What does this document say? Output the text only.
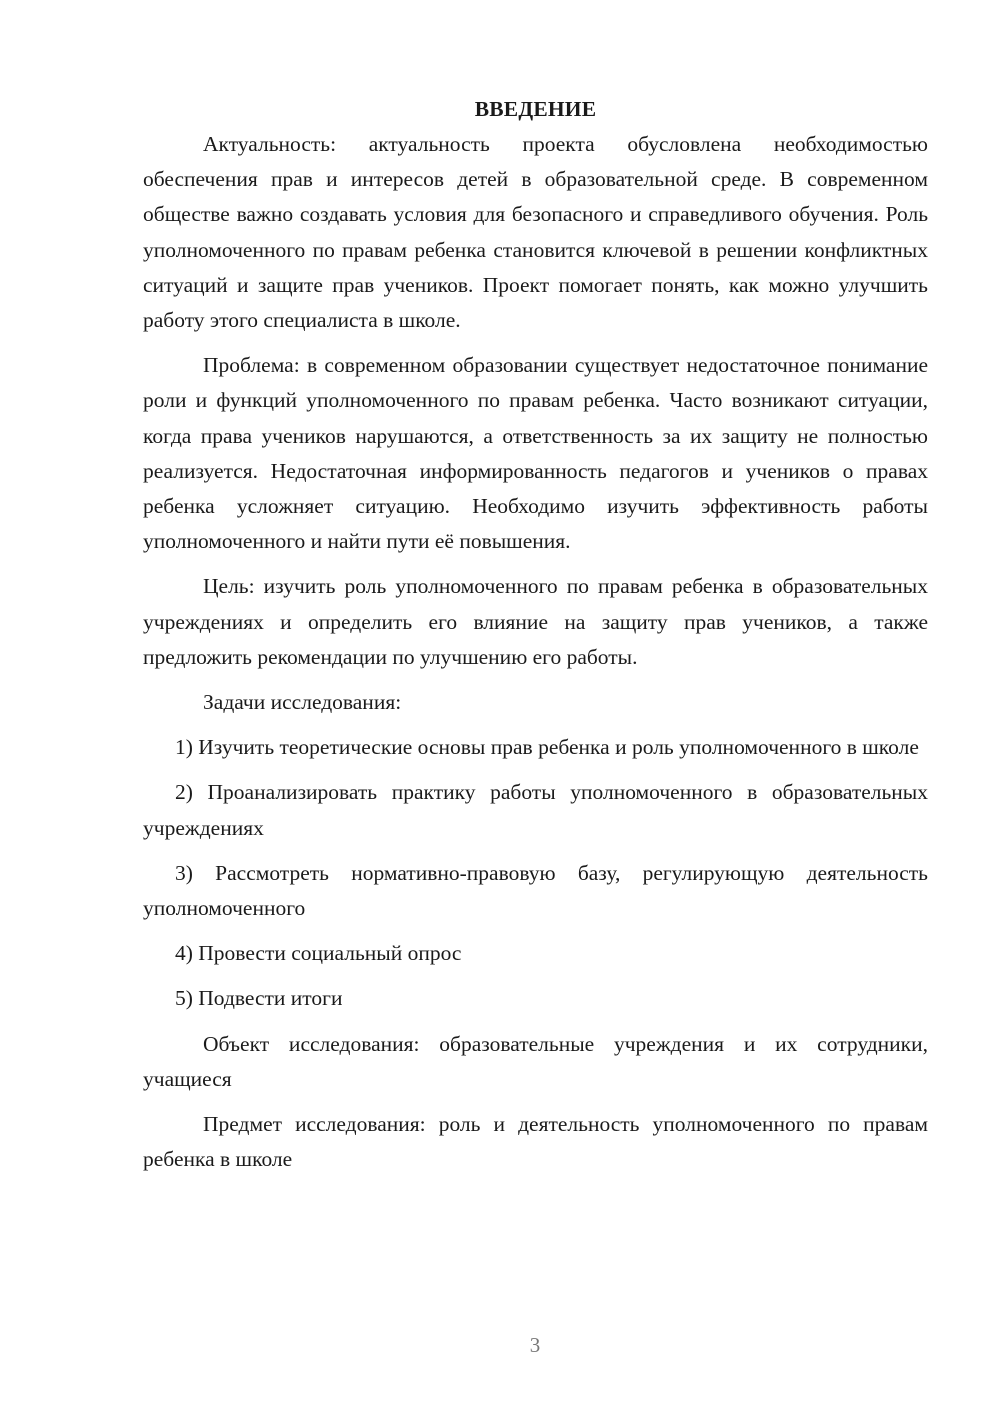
ВВЕДЕНИЕ

Актуальность: актуальность проекта обусловлена необходимостью обеспечения прав и интересов детей в образовательной среде. В современном обществе важно создавать условия для безопасного и справедливого обучения. Роль уполномоченного по правам ребенка становится ключевой в решении конфликтных ситуаций и защите прав учеников. Проект помогает понять, как можно улучшить работу этого специалиста в школе.

Проблема: в современном образовании существует недостаточное понимание роли и функций уполномоченного по правам ребенка. Часто возникают ситуации, когда права учеников нарушаются, а ответственность за их защиту не полностью реализуется. Недостаточная информированность педагогов и учеников о правах ребенка усложняет ситуацию. Необходимо изучить эффективность работы уполномоченного и найти пути её повышения.

Цель: изучить роль уполномоченного по правам ребенка в образовательных учреждениях и определить его влияние на защиту прав учеников, а также предложить рекомендации по улучшению его работы.

Задачи исследования:

1) Изучить теоретические основы прав ребенка и роль уполномоченного в школе

2) Проанализировать практику работы уполномоченного в образовательных учреждениях

3) Рассмотреть нормативно-правовую базу, регулирующую деятельность уполномоченного

4) Провести социальный опрос

5) Подвести итоги

Объект исследования: образовательные учреждения и их сотрудники, учащиеся

Предмет исследования: роль и деятельность уполномоченного по правам ребенка в школе

3
